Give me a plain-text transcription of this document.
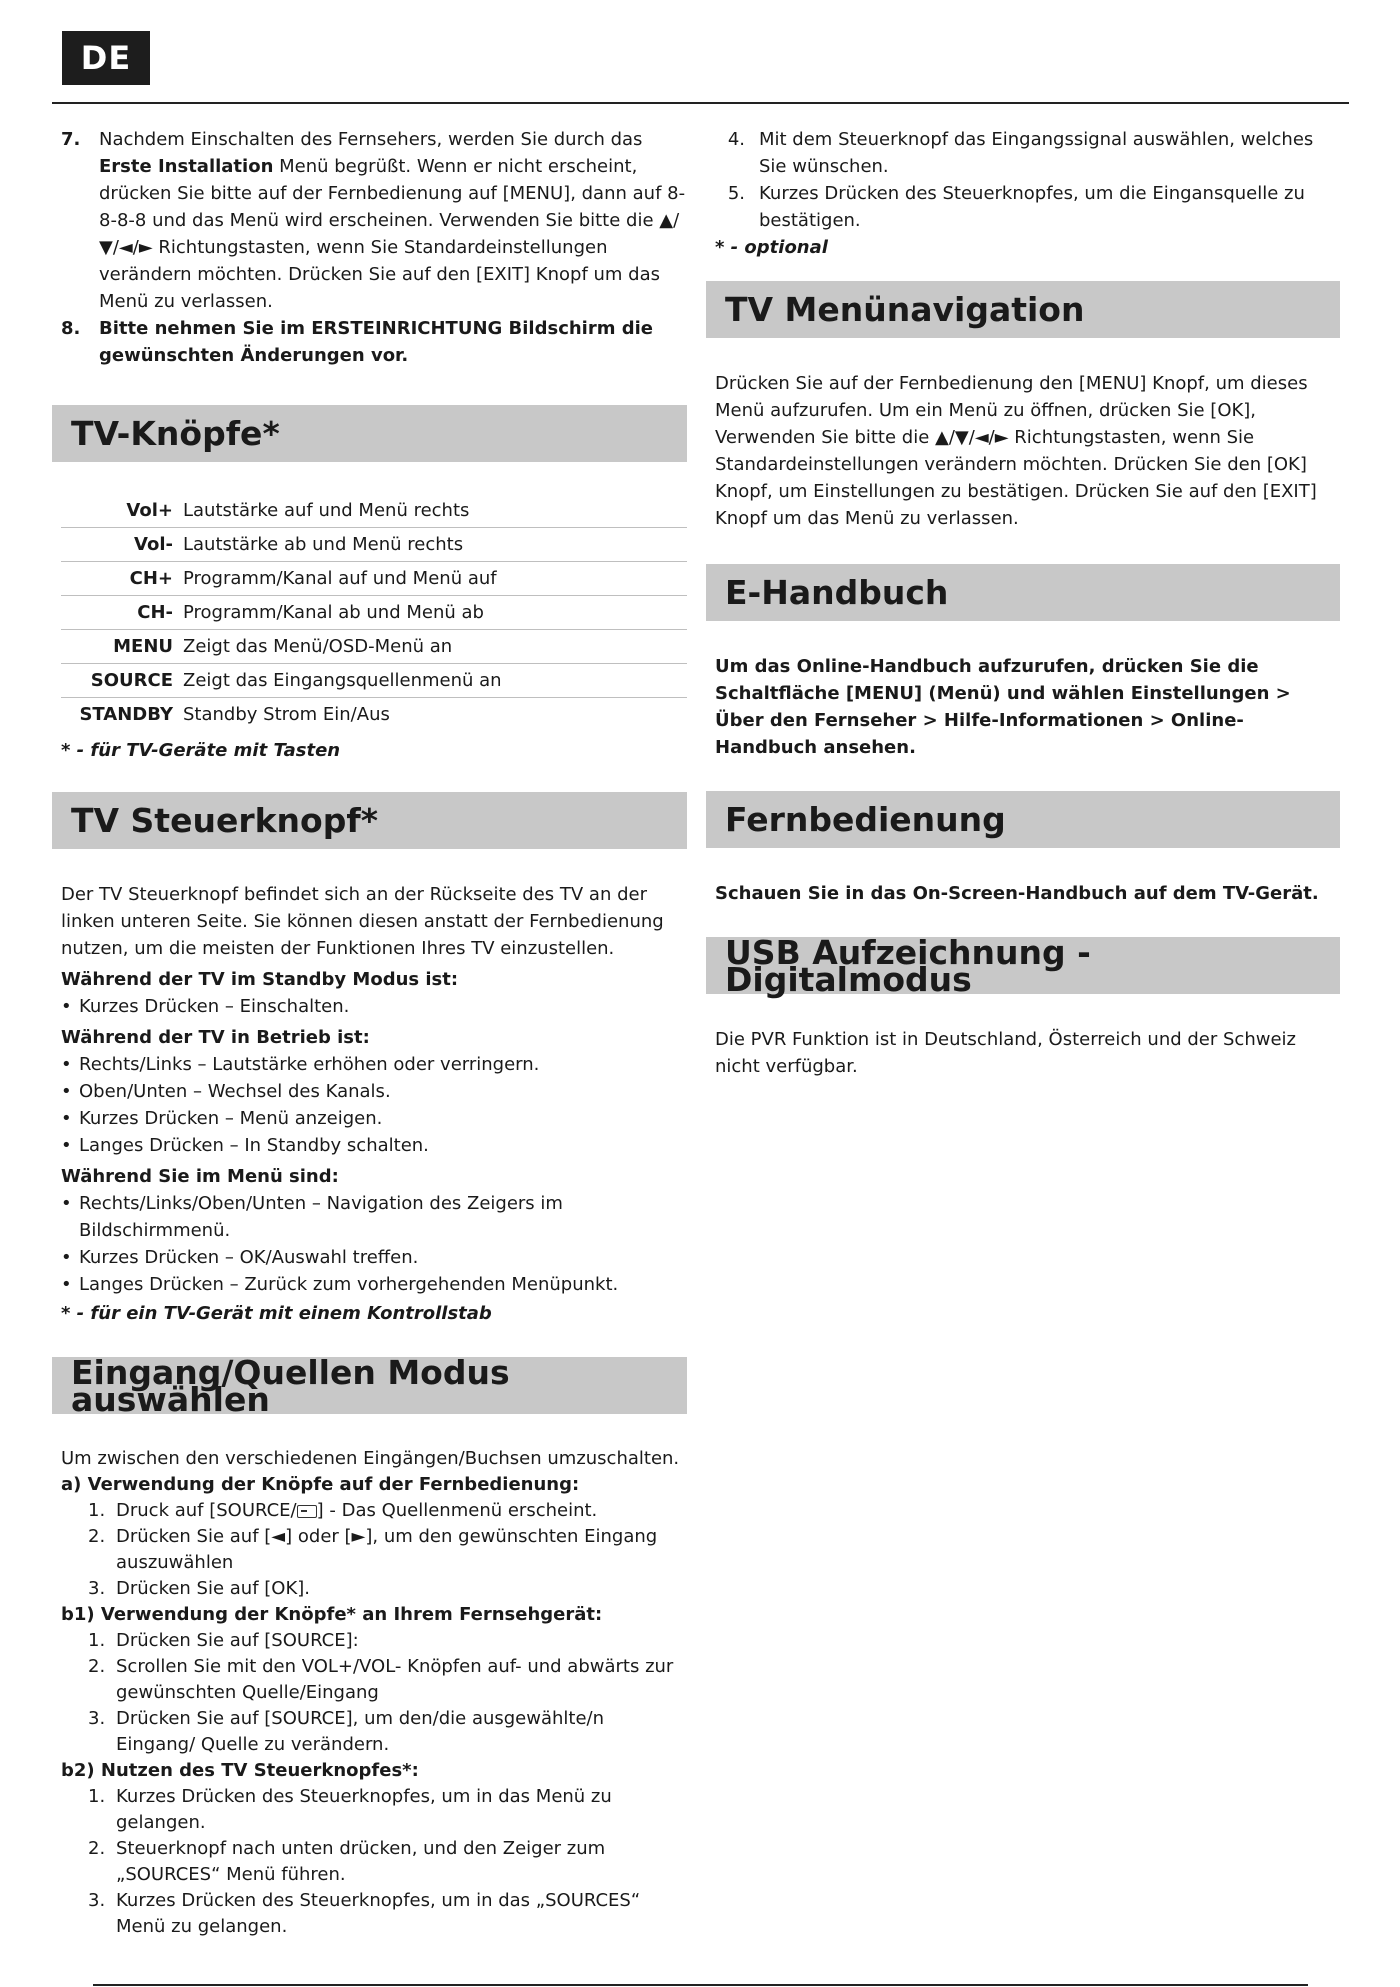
DE
7.	Nachdem Einschalten des Fernsehers, werden Sie durch das Erste Installation Menü begrüßt. Wenn er nicht erscheint, drücken Sie bitte auf der Fernbedienung auf [MENU], dann auf 8-8-8-8 und das Menü wird erscheinen. Verwenden Sie bitte die ▲/▼/◄/► Richtungstasten, wenn Sie Standardeinstellungen verändern möchten. Drücken Sie auf den [EXIT] Knopf um das Menü zu verlassen.
8.	Bitte nehmen Sie im ERSTEINRICHTUNG Bildschirm die gewünschten Änderungen vor.
TV-Knöpfe*
Vol+	Lautstärke auf und Menü rechts
Vol-	Lautstärke ab und Menü rechts
CH+	Programm/Kanal auf und Menü auf
CH-	Programm/Kanal ab und Menü ab
MENU	Zeigt das Menü/OSD-Menü an
SOURCE	Zeigt das Eingangsquellenmenü an
STANDBY	Standby Strom Ein/Aus
* - für TV-Geräte mit Tasten
TV Steuerknopf*
Der TV Steuerknopf befindet sich an der Rückseite des TV an der linken unteren Seite. Sie können diesen anstatt der Fernbedienung nutzen, um die meisten der Funktionen Ihres TV einzustellen.
Während der TV im Standby Modus ist:
• Kurzes Drücken – Einschalten.
Während der TV in Betrieb ist:
• Rechts/Links – Lautstärke erhöhen oder verringern.
• Oben/Unten – Wechsel des Kanals.
• Kurzes Drücken – Menü anzeigen.
• Langes Drücken – In Standby schalten.
Während Sie im Menü sind:
• Rechts/Links/Oben/Unten – Navigation des Zeigers im Bildschirmmenü.
• Kurzes Drücken – OK/Auswahl treffen.
• Langes Drücken – Zurück zum vorhergehenden Menüpunkt.
* - für ein TV-Gerät mit einem Kontrollstab
Eingang/Quellen Modus auswählen
Um zwischen den verschiedenen Eingängen/Buchsen umzuschalten.
a) Verwendung der Knöpfe auf der Fernbedienung:
1. Druck auf [SOURCE/ ] - Das Quellenmenü erscheint.
2. Drücken Sie auf [◄] oder [►], um den gewünschten Eingang auszuwählen
3. Drücken Sie auf [OK].
b1) Verwendung der Knöpfe* an Ihrem Fernsehgerät:
1. Drücken Sie auf [SOURCE]:
2. Scrollen Sie mit den VOL+/VOL- Knöpfen auf- und abwärts zur gewünschten Quelle/Eingang
3. Drücken Sie auf [SOURCE], um den/die ausgewählte/n Eingang/ Quelle zu verändern.
b2) Nutzen des TV Steuerknopfes*:
1. Kurzes Drücken des Steuerknopfes, um in das Menü zu gelangen.
2. Steuerknopf nach unten drücken, und den Zeiger zum „SOURCES“ Menü führen.
3. Kurzes Drücken des Steuerknopfes, um in das „SOURCES“ Menü zu gelangen.
4. Mit dem Steuerknopf das Eingangssignal auswählen, welches Sie wünschen.
5. Kurzes Drücken des Steuerknopfes, um die Eingansquelle zu bestätigen.
* - optional
TV Menünavigation
Drücken Sie auf der Fernbedienung den [MENU] Knopf, um dieses Menü aufzurufen. Um ein Menü zu öffnen, drücken Sie [OK], Verwenden Sie bitte die ▲/▼/◄/► Richtungstasten, wenn Sie Standardeinstellungen verändern möchten. Drücken Sie den [OK] Knopf, um Einstellungen zu bestätigen. Drücken Sie auf den [EXIT] Knopf um das Menü zu verlassen.
E-Handbuch
Um das Online-Handbuch aufzurufen, drücken Sie die Schaltfläche [MENU] (Menü) und wählen Einstellungen > Über den Fernseher > Hilfe-Informationen > Online-Handbuch ansehen.
Fernbedienung
Schauen Sie in das On-Screen-Handbuch auf dem TV-Gerät.
USB Aufzeichnung - Digitalmodus
Die PVR Funktion ist in Deutschland, Österreich und der Schweiz nicht verfügbar.
